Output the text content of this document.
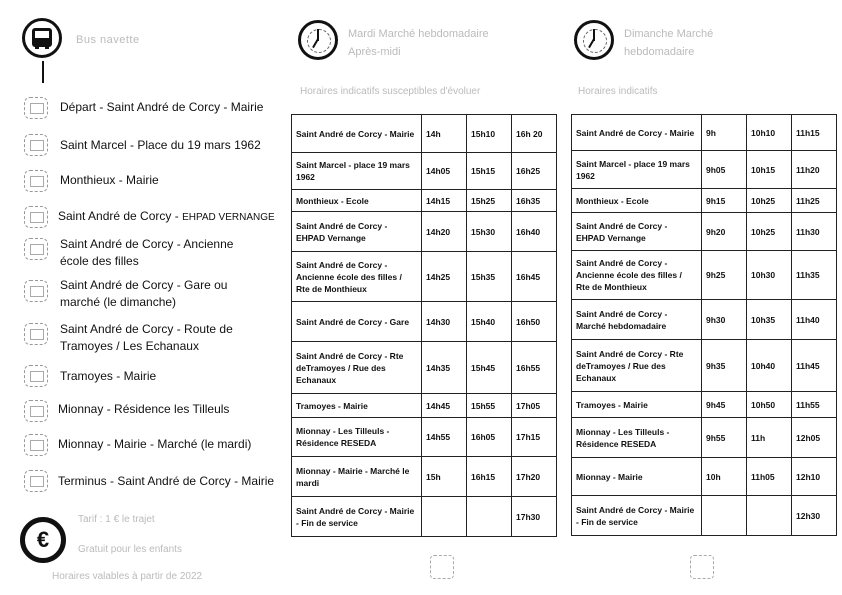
Bus navette
Départ - Saint André de Corcy - Mairie
Saint Marcel - Place du 19 mars 1962
Monthieux - Mairie
Saint André de Corcy - EHPAD VERNANGE
Saint André de Corcy - Ancienne
école des filles
Saint André de Corcy - Gare ou
marché (le dimanche)
Saint André de Corcy - Route de
Tramoyes / Les Echanaux
Tramoyes - Mairie
Mionnay - Résidence les Tilleuls
Mionnay - Mairie - Marché (le mardi)
Terminus - Saint André de Corcy - Mairie
€
Tarif : 1 € le trajet
Gratuit pour les enfants
Horaires valables à partir de 2022
Mardi Marché hebdomadaire
Après-midi
Horaires indicatifs susceptibles d'évoluer
Dimanche Marché
hebdomadaire
Horaires indicatifs
Saint André de Corcy - Mairie	14h	15h10	16h 20
Saint Marcel - place 19 mars 1962	14h05	15h15	16h25
Monthieux - Ecole	14h15	15h25	16h35
Saint André de Corcy - EHPAD Vernange	14h20	15h30	16h40
Saint André de Corcy - Ancienne école des filles / Rte de Monthieux	14h25	15h35	16h45
Saint André de Corcy - Gare	14h30	15h40	16h50
Saint André de Corcy - Rte deTramoyes / Rue des Echanaux	14h35	15h45	16h55
Tramoyes - Mairie	14h45	15h55	17h05
Mionnay - Les Tilleuls - Résidence RESEDA	14h55	16h05	17h15
Mionnay - Mairie - Marché le mardi	15h	16h15	17h20
Saint André de Corcy - Mairie - Fin de service			17h30
Saint André de Corcy - Mairie	9h	10h10	11h15
Saint Marcel - place 19 mars 1962	9h05	10h15	11h20
Monthieux - Ecole	9h15	10h25	11h25
Saint André de Corcy - EHPAD Vernange	9h20	10h25	11h30
Saint André de Corcy - Ancienne école des filles / Rte de Monthieux	9h25	10h30	11h35
Saint André de Corcy - Marché hebdomadaire	9h30	10h35	11h40
Saint André de Corcy - Rte deTramoyes / Rue des Echanaux	9h35	10h40	11h45
Tramoyes - Mairie	9h45	10h50	11h55
Mionnay - Les Tilleuls - Résidence RESEDA	9h55	11h	12h05
Mionnay - Mairie	10h	11h05	12h10
Saint André de Corcy - Mairie - Fin de service			12h30
